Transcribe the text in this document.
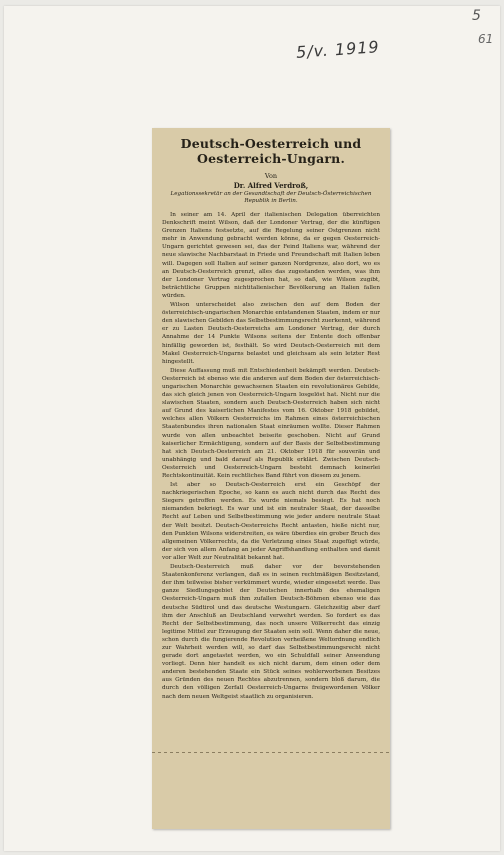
5
61
5/v. 1919
Deutsch-Oesterreich und Oesterreich-Ungarn.

Von

Dr. Alfred Verdroß,

Legationssekretär an der Gesandtschaft der Deutsch-Österreichischen Republik in Berlin.

In seiner am 14. April der italienischen Delegation überreichten Denkschrift meint Wilson, daß der Londoner Vertrag, der die künftigen Grenzen Italiens festsetzte, auf die Regelung seiner Ostgrenzen nicht mehr in Anwendung gebracht werden könne, da er gegen Oesterreich-Ungarn gerichtet gewesen sei, das der Feind Italiens war, während der neue slawische Nachbarstaat in Friede und Freundschaft mit Italien leben will. Dagegen soll Italien auf seiner ganzen Nordgrenze, also dort, wo es an Deutsch-Oesterreich grenzt, alles das zugestanden werden, was ihm der Londoner Vertrag zugesprochen hat, so daß, wie Wilson zugibt, beträchtliche Gruppen nichtitalienischer Bevölkerung an Italien fallen würden.

Wilson unterscheidet also zwischen den auf dem Boden der österreichisch-ungarischen Monarchie entstandenen Staaten, indem er nur den slawischen Gebilden das Selbstbestimmungsrecht zuerkennt, während er zu Lasten Deutsch-Oesterreichs am Londoner Vertrag, der durch Annahme der 14 Punkte Wilsons seitens der Entente doch offenbar hinfällig geworden ist, festhält. So wird Deutsch-Oesterreich mit dem Makel Oesterreich-Ungarns belastet und gleichsam als sein letzter Rest hingestellt.

Diese Auffassung muß mit Entschiedenheit bekämpft werden. Deutsch-Oesterreich ist ebenso wie die anderen auf dem Boden der österreichisch-ungarischen Monarchie gewachsenen Staaten ein revolutionäres Gebilde, das sich gleich jenen von Oesterreich-Ungarn losgelöst hat. Nicht nur die slawischen Staaten, sondern auch Deutsch-Oesterreich haben sich nicht auf Grund des kaiserlichen Manifestes vom 16. Oktober 1918 gebildet, welches allen Völkern Oesterreichs im Rahmen eines österreichischen Staatenbundes ihren nationalen Staat einräumen wollte. Dieser Rahmen wurde von allen unbeachtet beiseite geschoben. Nicht auf Grund kaiserlicher Ermächtigung, sondern auf der Basis der Selbstbestimmung hat sich Deutsch-Oesterreich am 21. Oktober 1918 für souverän und unabhängig und bald darauf als Republik erklärt. Zwischen Deutsch-Oesterreich und Oesterreich-Ungarn besteht demnach keinerlei Rechtskontinuität. Kein rechtliches Band führt von diesem zu jenem.

Ist aber so Deutsch-Oesterreich erst ein Geschöpf der nachkriegerischen Epoche, so kann es auch nicht durch das Recht des Siegers getroffen werden. Es wurde niemals besiegt. Es hat noch niemanden bekriegt. Es war und ist ein neutraler Staat, der dasselbe Recht auf Leben und Selbstbestimmung wie jeder andere neutrale Staat der Welt besitzt. Deutsch-Oesterreichs Recht antasten, hieße nicht nur, den Punkten Wilsons widerstreiten, es wäre überdies ein grober Bruch des allgemeinen Völkerrechts, da die Verletzung eines Staat zugefügt würde, der sich von allem Anfang an jeder Angriffshandlung enthalten und damit vor aller Welt zur Neutralität bekannt hat.

Deutsch-Oesterreich muß daher vor der bevorstehenden Staatenkonferenz verlangen, daß es in seinen rechtmäßigen Besitzstand, der ihm teilweise bisher verkümmert wurde, wieder eingesetzt werde. Das ganze Siedlungsgebiet der Deutschen innerhalb des ehemaligen Oesterreich-Ungarn muß ihm zufallen Deutsch-Böhmen ebenso wie das deutsche Südtirol und das deutsche Westungarn. Gleichzeitig aber darf ihm der Anschluß an Deutschland verwehrt werden. So fordert es das Recht der Selbstbestimmung, das noch unsere Völkerrecht das einzig legitime Mittel zur Erzeugung der Staaten sein soll. Wenn daher die neue, schon durch die fungierende Revolution verheißene Weltordnung endlich zur Wahrheit werden will, so darf das Selbstbestimmungsrecht nicht gerade dort angetastet werden, wo ein Schuldfall seiner Anwendung vorliegt. Denn hier handelt es sich nicht darum, dem einen oder dem anderen bestehenden Staate ein Stück seines wohlerworbenen Besitzes aus Gründen des neuen Rechtes abzutrennen, sondern bloß darum, die durch den völligen Zerfall Oesterreich-Ungarns freigewordenen Völker nach dem neuen Weltgeist staatlich zu organisieren.
